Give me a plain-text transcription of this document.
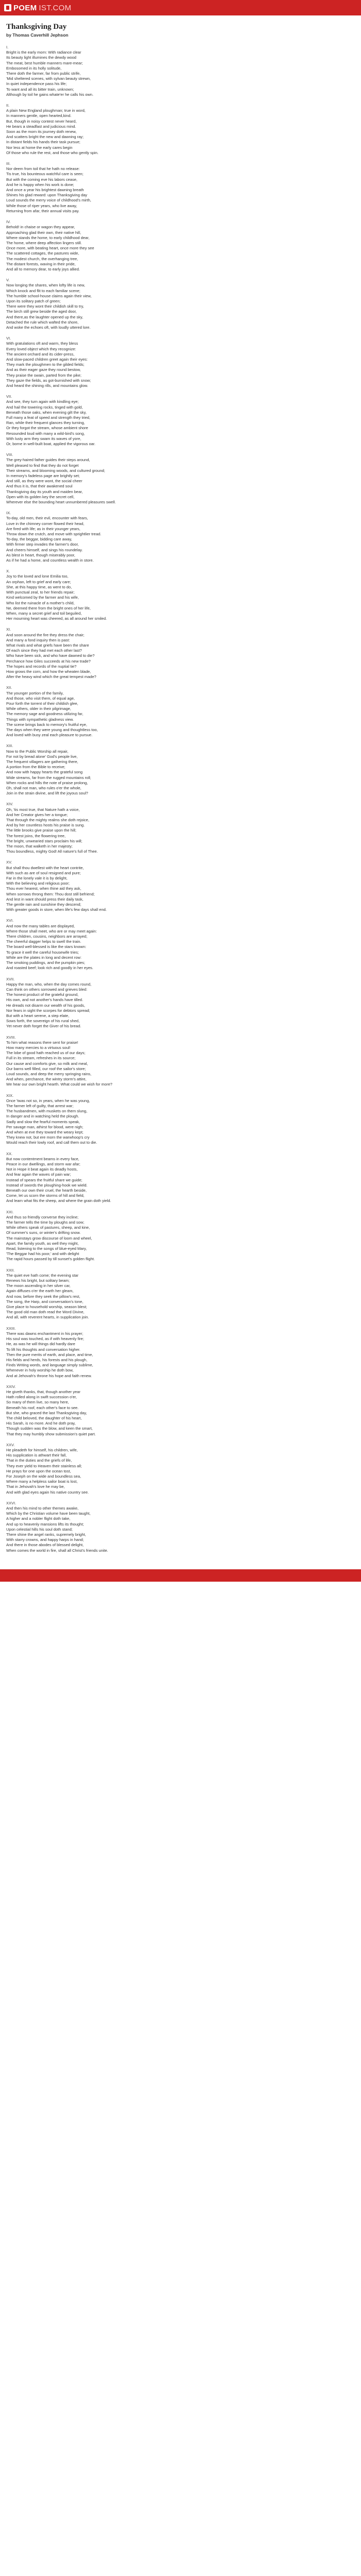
POEM IST.COM
Thanksgiving Day
by Thomas Caverhill Jephson
I.
Bright is the early morn: With radiance clear
Its beauty light illumines the dewdy wood
The meat, best humble manners mare-mear;
Embosomed in its holly solitude,
There doth the farmer, far from public strife,
'Mid sheltered scenes, with sylvan beauty strewn,
In quiet independence pass his life;
To want and all its bitter train, unknown;
Although by toil he gains whate'er he calls his own.
II.
A plain New England ploughman; true in word,
In manners gentle, open hearted,kind.
But, though in noisy contest never heard,
He bears a steadfast and judicious mind.
Soon as the morn its journey doth renew,
And scatters bright the new and dawning ray;
In distant fields his hands their task pursue;
Nor less at home the early cares begin
Of those who rule the rest, and those who gently spin.
III.
Nor deem from toil that he hath no release:
Tis true, his bounteous watchful care is seen;
But with the coming eve his labors cease,
And he is happy when his work is done;
And once a year his brightest dawning breath
Shines his glad reward: upon Thanksgiving day
Loud sounds the merry voice of childhood's mirth,
While those of riper years, who live away,
Returning from afar, their annual visits pay.
IV.
Behold! in chaise or wagon they appear,
Approaching glad their own, their native hill,
Where stands the home, to early childhood dear,
The home, where deep affection lingers still.
Once more, with beating heart, once more they see
The scattered cottages, the pastures wide,
The modest church, the overhanging tree,
The distant forests, waving in their pride,
And all to memory dear, to early joys allied.
V.
Now longing the shares, when lofty life is new,
Which knock and flit to each familiar scene;
The humble school-house claims again their view,
Upon its solitary patch of green;
There were they wont their childish skill to try,
The birch still grew beside the aged door,
And there,as the laughter opened up the sky,
Detached the rule which wafted the shore,
And woke the echoes oft, with loudly uttered lore.
VI.
With gratulations oft and warm, they bless
Every loved object which they recognize:
The ancient orchard and its cider-press,
And slow-paced children greet again their eyes:
They mark the ploughmen to the gilded fields;
And as their eager gaze they round bestow,
They praise the swain, parted from the pike;
They gaze the fields, as got-burnished with snow;
And heard the shining rills, and mountains glow.
VII.
And see, they turn again with kindling eye;
And hail the towering rocks, tinged with gold,
Beneath those oaks, when evening gilt the sky,
Full many a feat of speed and strength they tried,
Ran, while their frequent glances they turning,
Or they forgot the stream, whose ambient shore
Resounded loud with many a wild-bird's song,
With lusty arm they swam its waves of yore,
Or, borne in well-built boat, applied the vigorous oar.
VIII.
The grey-haired father guides their steps around,
Well pleased to find that they do not forget
Their streams, and blooming woods, and cultured ground;
In memory's fadeless page are brightly set;
And still, as they were wont, the social cheer
And thus it is, that their awakened soul
Thanksgiving day its youth and maiden bear,
Open with its golden key the secret cell,
Wherever else the bounding heart unnumbered pleasures swell.
IX.
To-day, old men, their evil, encounter with fears,
Love in the chimney corner flowed their head,
Are fired with life; as in their younger years,
Throw down the crutch, and move with sprightlier tread.
To-day, the beggar, bidding care away,
With firmer step invades the farmer's door,
And cheers himself, and sings his roundelay.
As blest in heart, though miserably poor,
As if he had a home, and countless wealth in store.
X.
Joy to the loved and lone Emilia too,
An orphan, left to grief and early care;
She, at this happy time, as went to do,
With punctual zeal, to her friends repair;
Kind welcomed by the farmer and his wife,
Who list the ruinacle of a mother's child,
Ne, deemed there from the bright ones of her life,
When, many a secret grief and toil beguiled,
Her mourning heart was cheered, as all around her smiled.
XI.
And soon around the fire they dress the chair;
And many a fond inquiry then is past:
What rivals and what griefs have been the share
Of each since they had met each other last?
Who have been sick, and who have dawned to die?
Perchance how Giles succeeds at his new trade?
The hopes and records of the nuptial tie?
How grows the corn, and how the wheaten blade,
After the heavy wind which the great tempest made?
XII.
The younger portion of the family,
And those, who visit them, of equal age,
Pour forth the torrent of their childish glee,
While others, older in their pilgrimage,
The memory sage and goodness utilizing far,
Things with sympathetic gladness view.
The scene brings back to memory's fruitful eye,
The days when they were young and thoughtless too,
And loved with busy zeal each pleasure to pursue.
XIII.
Now to the Public Worship all repair,
For not by bread alone' God's people live,
The frequent villagers are gathering there,
A portion from the Bible to receive;
And now with happy hearts the grateful song
Wide streams, far from the rugged mountains roll;
When rocks and hills the note of praise prolong,
Oh, shall not man, who rules o'er the whole,
Join in the strain divine, and lift the joyous soul?
XIV.
Oh, 'tis most true, that Nature hath a voice,
And her Creator gives her a tongue;
That through the mighty realms she doth rejoice,
And by her countless hosts his praise is sung.
The little brooks give praise upon the hill;
The forest joins, the flowering tree,
The bright, unwearied stars proclaim his will;
The moon, that walketh in her majesty;
Thou boundless, mighty God! All nature's full of Thee.
XV.
But shall thou dwellest with the heart contrite,
With such as are of soul resigned and pure;
Far in the lonely vale it is by delight,
With the believing and religious poor;
Thou ever hearest, when thine aid they ask,
When sorrows throng them: Thou dost still befriend;
And lest in want should press their daily task,
The gentle rain and sunshine they descend;
With greater goods in store, when life's few days shall end.
XVI.
And now the many tables are displayed,
Where those shall meet, who are or may meet again:
There children, cousins, neighbors are arrayed;
The cheerful dagger helps to swell the train.
The board well-blessed is like the stars known:
To grace it well the careful housewife tries;
While are the plates in long and decent row:
The smoking puddings, and the pumpkin pies;
And roasted beef; look rich and goodly in her eyes.
XVII.
Happy the man, who, when the day comes round,
Can think on others sorrowed and grieves bled:
The honest product of the grateful ground,
His own, and not another's hands have tilled.
He dreads not disarm our wealth of his goods,
Nor fears in sight the scorpes for debtors spread;
But with a heart serene, a step elate,
Sows forth, the sovereign of his rural shed,
Yet never doth forget the Giver of his bread.
XVIII.
To him what reasons there sent for praise!
How many mercies to a virtuous soul!
The lobe of good hath reached us of our days;
Full in its stream, refreshes in its source;
Our cause and comforts give, so milk and meal,
Our barns well filled, our roof the sailor's store;
Loud sounds, and deep the merry springing rains,
And when, perchance, the wintry storm's attire,
We hear our own bright hearth. What could we wish for more?
XIX.
Once 'twas not so, in years, when he was young,
The farmer left of guilty, that arrest war;
The husbandmen, with muskets on them slung,
In danger and in watching held the plough.
Sadly and slow the fearful moments speak,
Per savage man, athirst for blood, were nigh;
And when at eve they toward the weary kept;
They knew not, but ere morn the warwhoop's cry
Would reach their lowly roof, and call them out to die.
XX.
But now contentment beams in every face,
Peace in our dwellings, and storm war afar;
Not in Hope it beat again its deadly hosts,
And fear again the waves of pain war;
Instead of spears the fruitful share we guide;
Instead of swords the ploughing-hook we wield.
Beneath our own their cruel, the hearth beside,
Come, let us scorn the storms of hill and field,
And learn what fits the sheep, and where the grain doth yield.
XXI.
And thus so friendly converse they incline;
The farmer tells the time by ploughs and sow;
While others speak of pastures, sheep, and kine,
Of summer's suns, or winter's drifting snow.
The mainstays grow discourse of loom and wheel,
Apart, the family youth, as well they might,
Read, listening to the songs of blue-eyed Mary,
'The Beggar had his poor,' and with delight
The rapid hours passed by till sunset's golden flight.
XXII.
The quiet eve hath come; the evening star
Renews his bright, but solitary beam;
The moon ascending in her silver car,
Again diffuses o'er the earth her gleam,
And now, before they seek the pillow's rest,
The song, the Harp, and conversation's tone,
Give place to household worship, season blest;
The good old man doth read the Word Divine,
And all, with reverent hearts, in supplication join.
XXIII.
There was dawns enchantment in his prayer;
His soul was touched, as if with heavenly fire;
He, as was he will things did hardly dare
To lift his thoughts and conversation higher.
Then the pure merits of earth, and place, and time,
His fields and herds, his forests and his plough,
Finds Writing words, and language simply sublime,
Whenever in holy worship he doth bow,
And at Jehovah's throne his hope and faith renew.
XXIV.
He giveth thanks, that, though another year
Hath rolled along in swift succession o'er,
So many of them live, so many here,
Beneath his roof, each other's face to see.
But she, who graced the last Thanksgiving day,
The child beloved, the daughter of his heart,
His Sarah, is no more. And he doth pray,
Though sudden was the blow, and keen the smart,
That they may humbly show submission's quiet part.
XXV.
He pleadeth for himself, his children, wife,
His supplication is athwart their fall,
That in the duties and the griefs of life,
They ever yield to Heaven their stainless all;
He prays for one upon the ocean tost,
For Joseph on the wide and boundless sea,
Where many a helpless sailor boat is lost,
That in Jehovah's love he may be,
And with glad eyes again his native country see.
XXVI.
And then his mind to other themes awake,
Which by the Christian volume have been taught,
A higher and a nobler flight doth take,
And up to heavenly mansions lifts its thought;
Upon celestial hills his soul doth stand;
There shine the angel ranks, supremely bright,
With starry crowns, and happy harps in hand;
And there in those abodes of blessed delight,
When comes the world in fire, shall all Christ's friends unite.
